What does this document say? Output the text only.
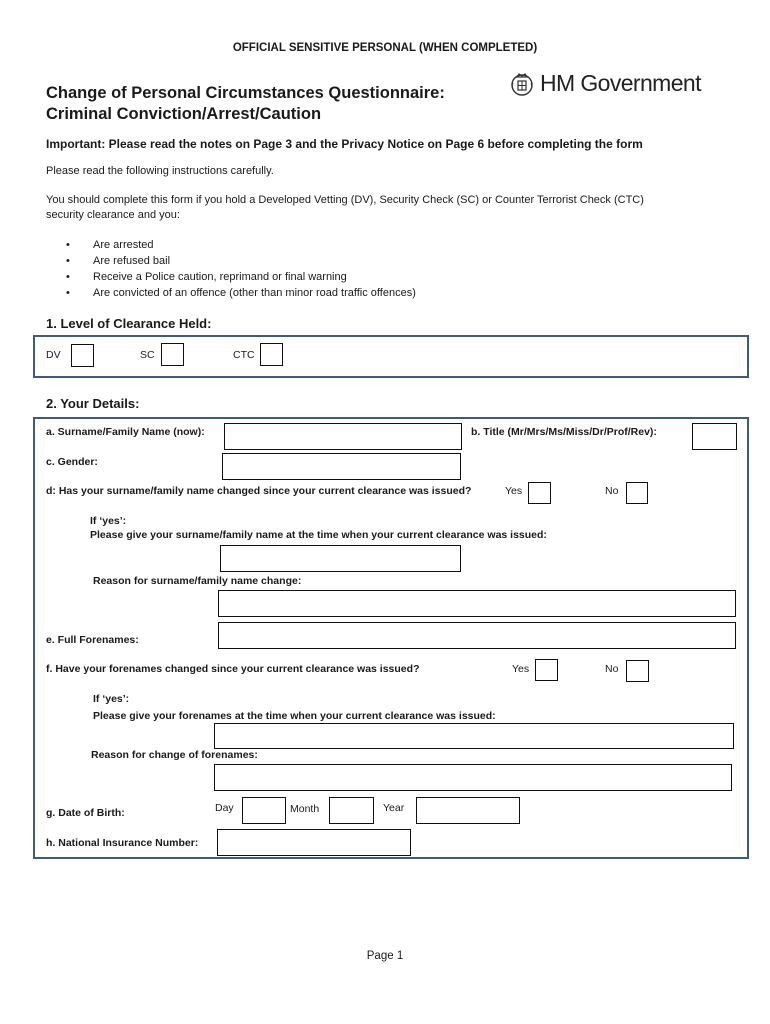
OFFICIAL SENSITIVE PERSONAL (WHEN COMPLETED)
Change of Personal Circumstances Questionnaire:
Criminal Conviction/Arrest/Caution
HM Government
Important: Please read the notes on Page 3 and the Privacy Notice on Page 6 before completing the form
Please read the following instructions carefully.
You should complete this form if you hold a Developed Vetting (DV), Security Check (SC) or Counter Terrorist Check (CTC)
security clearance and you:
• Are arrested
• Are refused bail
• Receive a Police caution, reprimand or final warning
• Are convicted of an offence (other than minor road traffic offences)
1. Level of Clearance Held:
DV	SC	CTC
2. Your Details:
a. Surname/Family Name (now):	b. Title (Mr/Mrs/Ms/Miss/Dr/Prof/Rev):
c. Gender:
d: Has your surname/family name changed since your current clearance was issued?	Yes	No
If ‘yes’:
Please give your surname/family name at the time when your current clearance was issued:
Reason for surname/family name change:
e. Full Forenames:
f. Have your forenames changed since your current clearance was issued?	Yes	No
If ‘yes’:
Please give your forenames at the time when your current clearance was issued:
Reason for change of forenames:
g. Date of Birth:	Day	Month	Year
h. National Insurance Number:
Page 1
